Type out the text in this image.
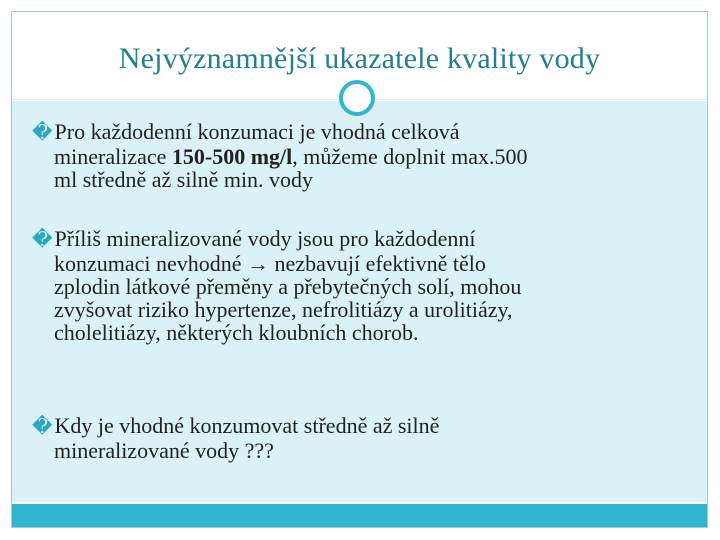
Nejvýznamnější ukazatele kvality vody
�Pro každodenní konzumaci je vhodná celková
mineralizace 150-500 mg/l, můžeme doplnit max.500
ml středně až silně min. vody
�Příliš mineralizované vody jsou pro každodenní
konzumaci nevhodné → nezbavují efektivně tělo
zplodin látkové přeměny a přebytečných solí, mohou
zvyšovat riziko hypertenze, nefrolitiázy a urolitiázy,
cholelitiázy, některých kloubních chorob.
�Kdy je vhodné konzumovat středně až silně
mineralizované vody ???
